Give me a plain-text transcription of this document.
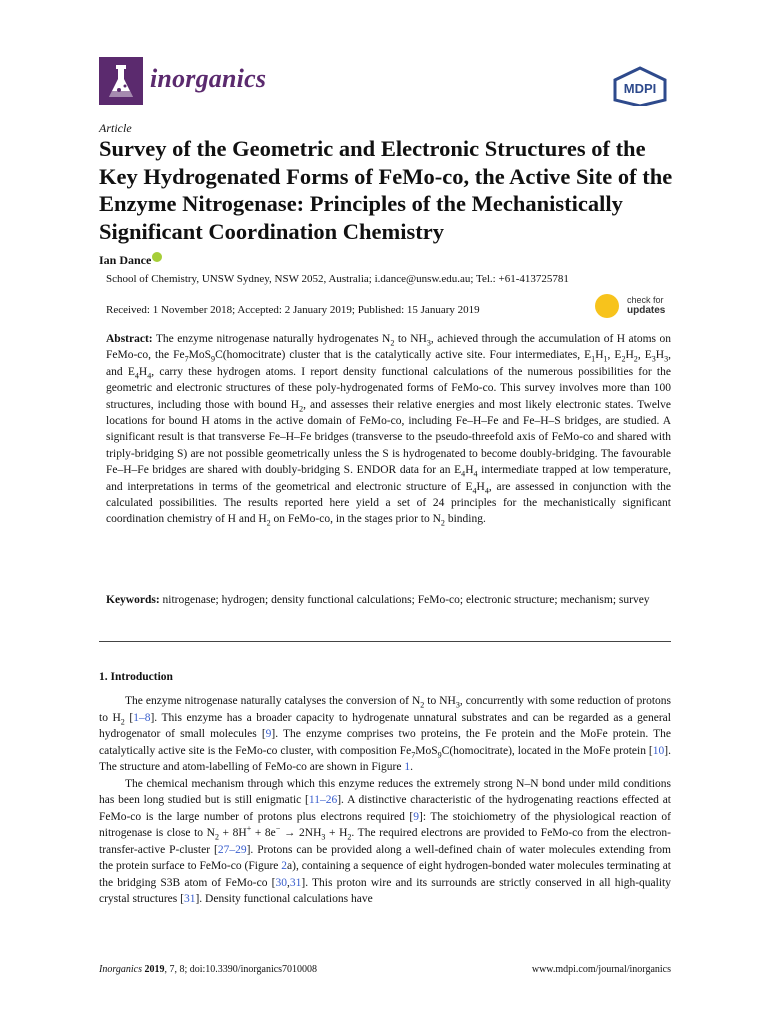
inorganics	MDPI
Article
Survey of the Geometric and Electronic Structures of the Key Hydrogenated Forms of FeMo-co, the Active Site of the Enzyme Nitrogenase: Principles of the Mechanistically Significant Coordination Chemistry
Ian Dance
School of Chemistry, UNSW Sydney, NSW 2052, Australia; i.dance@unsw.edu.au; Tel.: +61-413725781
Received: 1 November 2018; Accepted: 2 January 2019; Published: 15 January 2019
check for
updates
Abstract: The enzyme nitrogenase naturally hydrogenates $N_2$ to $NH_3$, achieved through the accumulation of H atoms on FeMo-co, the $Fe_7MoS_9C(homocitrate)$ cluster that is the catalytically active site. Four intermediates, $E_1H_1$, $E_2H_2$, $E_3H_3$, and $E_4H_4$, carry these hydrogen atoms. I report density functional calculations of the numerous possibilities for the geometric and electronic structures of these poly-hydrogenated forms of FeMo-co. This survey involves more than 100 structures, including those with bound $H_2$, and assesses their relative energies and most likely electronic states. Twelve locations for bound H atoms in the active domain of FeMo-co, including Fe–H–Fe and Fe–H–S bridges, are studied. A significant result is that transverse Fe–H–Fe bridges (transverse to the pseudo-threefold axis of FeMo-co and shared with triply-bridging S) are not possible geometrically unless the S is hydrogenated to become doubly-bridging. The favourable Fe–H–Fe bridges are shared with doubly-bridging S. ENDOR data for an $E_4H_4$ intermediate trapped at low temperature, and interpretations in terms of the geometrical and electronic structure of $E_4H_4$, are assessed in conjunction with the calculated possibilities. The results reported here yield a set of 24 principles for the mechanistically significant coordination chemistry of H and $H_2$ on FeMo-co, in the stages prior to $N_2$ binding.
Keywords: nitrogenase; hydrogen; density functional calculations; FeMo-co; electronic structure; mechanism; survey
1. Introduction

The enzyme nitrogenase naturally catalyses the conversion of $N_2$ to $NH_3$, concurrently with some reduction of protons to $H_2$ [1–8]. This enzyme has a broader capacity to hydrogenate unnatural substrates and can be regarded as a general hydrogenator of small molecules [9]. The enzyme comprises two proteins, the Fe protein and the MoFe protein. The catalytically active site is the FeMo-co cluster, with composition $Fe_7MoS_9C(homocitrate)$, located in the MoFe protein [10]. The structure and atom-labelling of FeMo-co are shown in Figure 1.

The chemical mechanism through which this enzyme reduces the extremely strong N–N bond under mild conditions has been long studied but is still enigmatic [11–26]. A distinctive characteristic of the hydrogenating reactions effected at FeMo-co is the large number of protons plus electrons required [9]: The stoichiometry of the physiological reaction of nitrogenase is close to $N_2 + 8H^+ + 8e^- \to 2NH_3 + H_2$. The required electrons are provided to FeMo-co from the electron-transfer-active P-cluster [27–29]. Protons can be provided along a well-defined chain of water molecules extending from the protein surface to FeMo-co (Figure 2a), containing a sequence of eight hydrogen-bonded water molecules terminating at the bridging S3B atom of FeMo-co [30,31]. This proton wire and its surrounds are strictly conserved in all high-quality crystal structures [31]. Density functional calculations have

Inorganics 2019, 7, 8; doi:10.3390/inorganics7010008	www.mdpi.com/journal/inorganics
